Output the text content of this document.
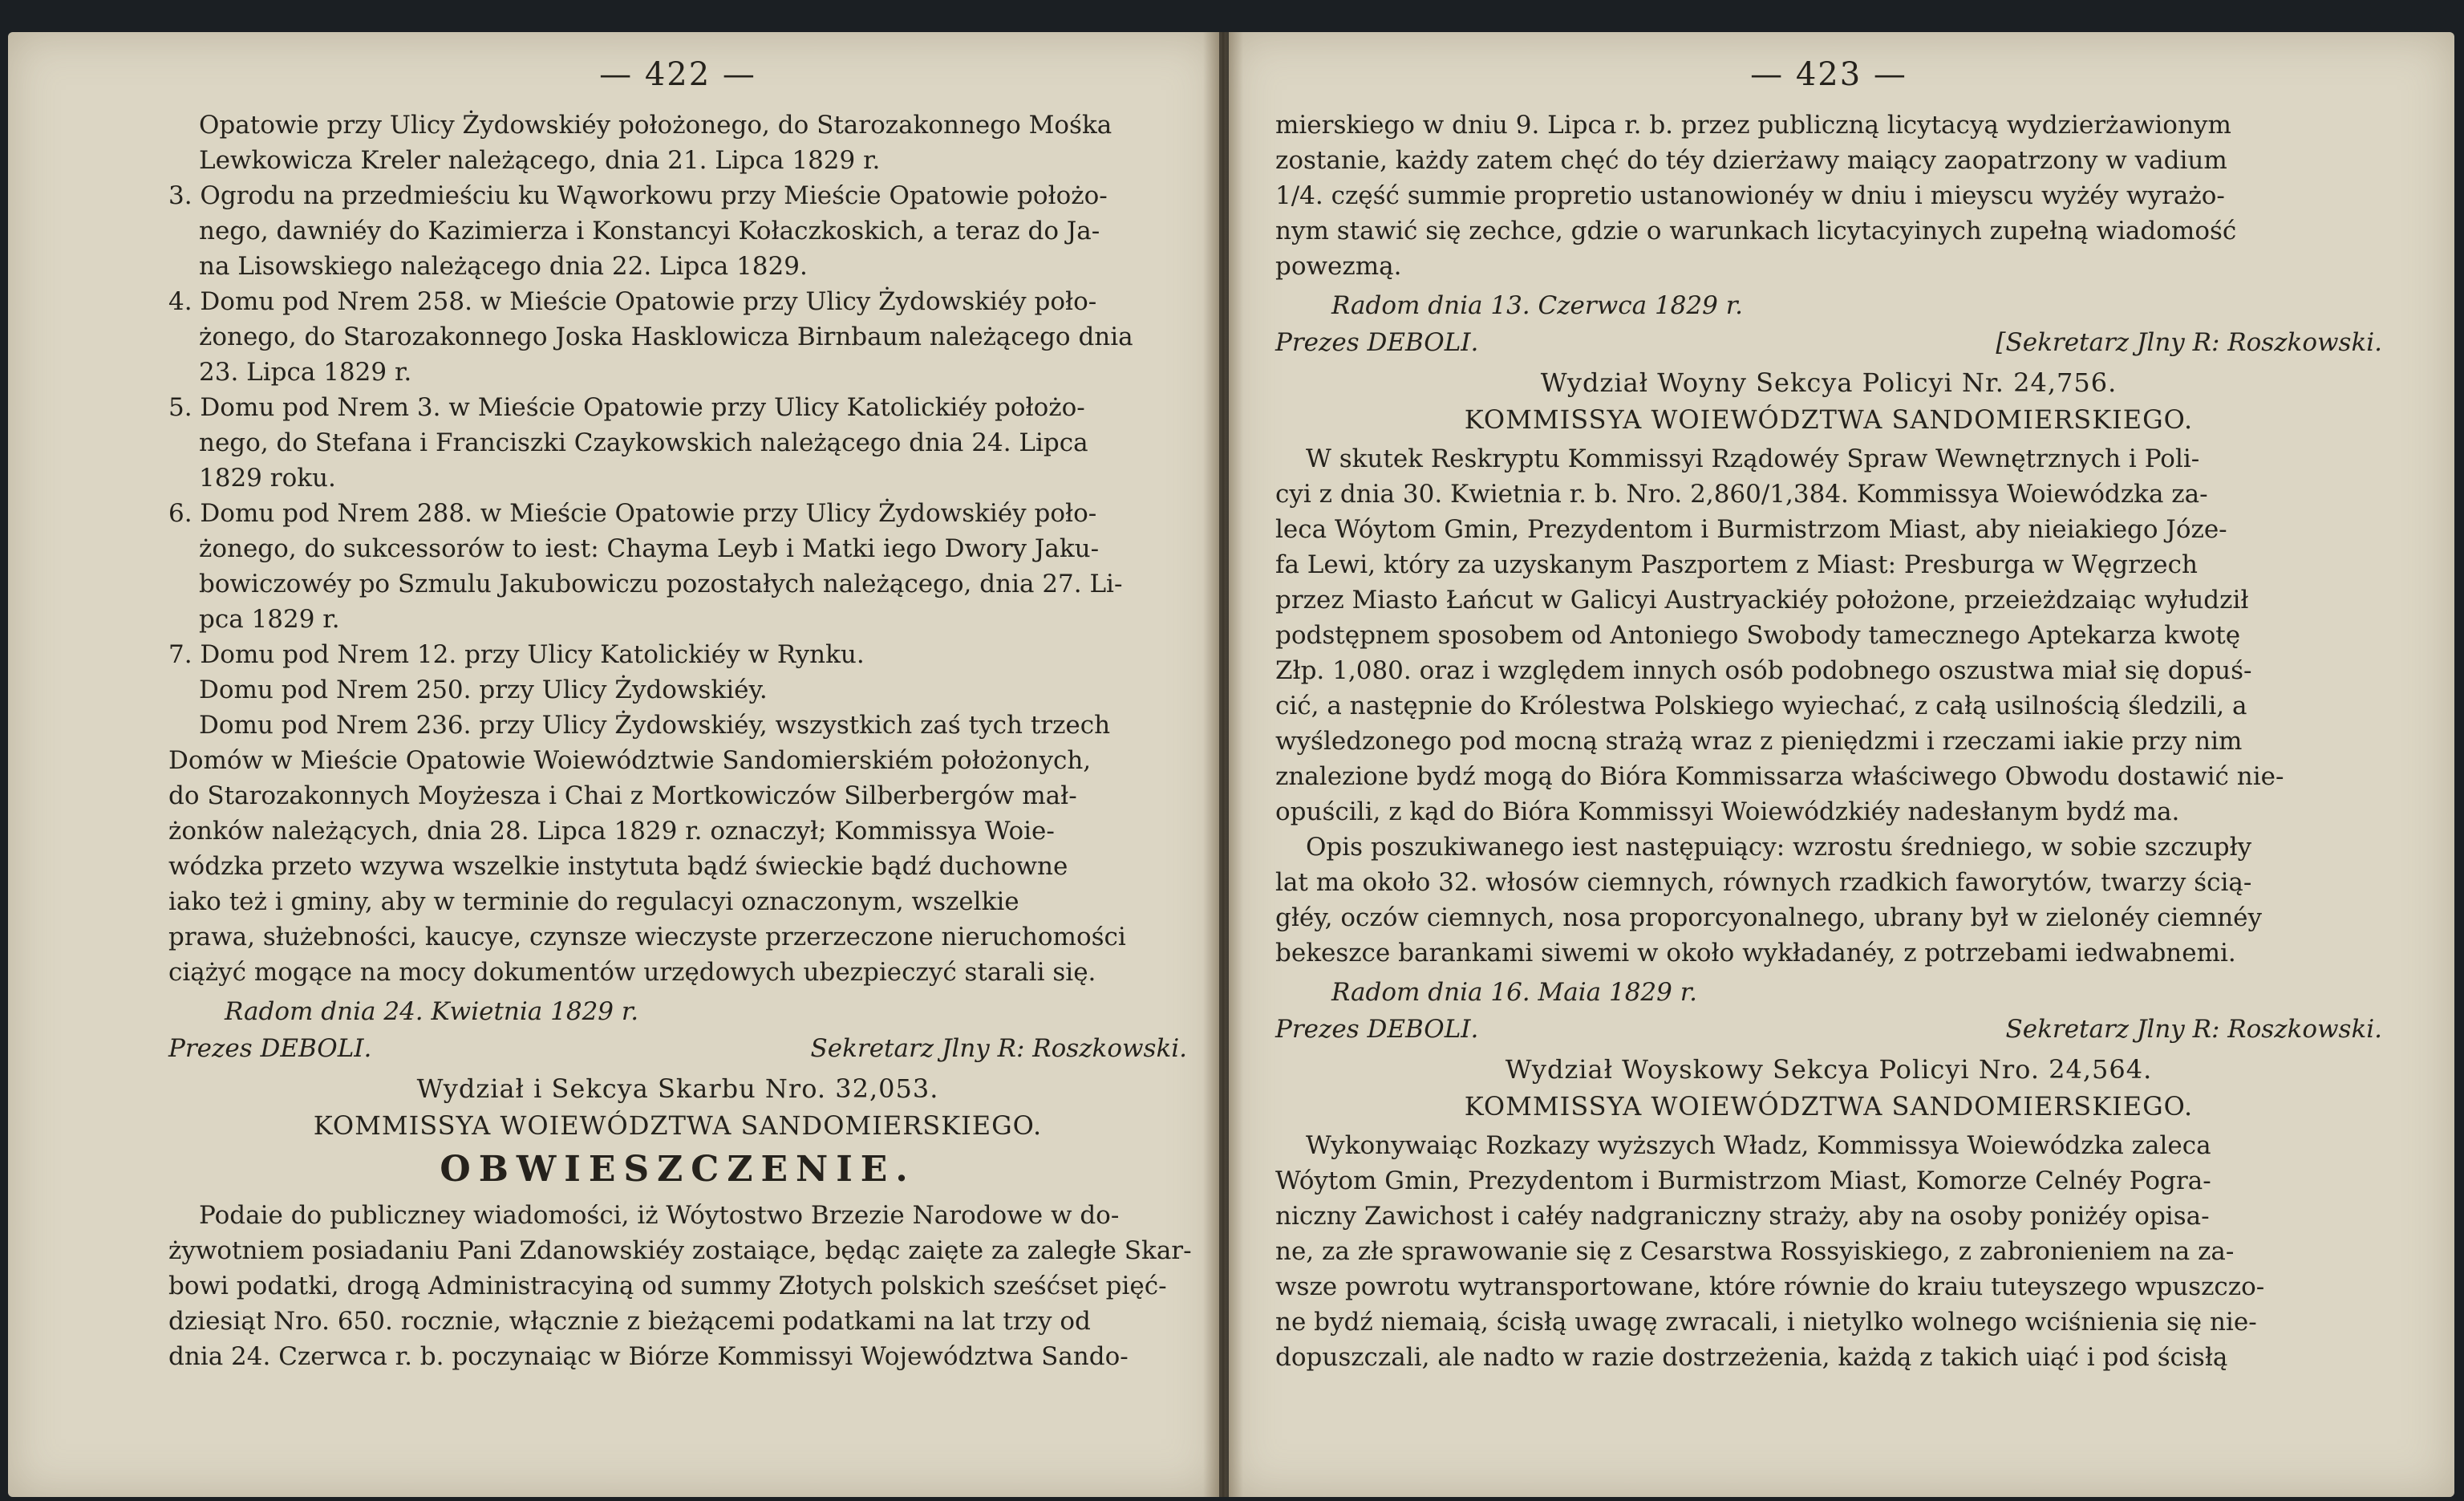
— 422 —

Opatowie przy Ulicy Żydowskiéy położonego, do Starozakonnego Mośka

Lewkowicza Kreler należącego, dnia 21. Lipca 1829 r.

3. Ogrodu na przedmieściu ku Wąworkowu przy Mieście Opatowie położo-

nego, dawniéy do Kazimierza i Konstancyi Kołaczkoskich, a teraz do Ja-

na Lisowskiego należącego dnia 22. Lipca 1829.

4. Domu pod Nrem 258. w Mieście Opatowie przy Ulicy Żydowskiéy poło-

żonego, do Starozakonnego Joska Hasklowicza Birnbaum należącego dnia

23. Lipca 1829 r.

5. Domu pod Nrem 3. w Mieście Opatowie przy Ulicy Katolickiéy położo-

nego, do Stefana i Franciszki Czaykowskich należącego dnia 24. Lipca

1829 roku.

6. Domu pod Nrem 288. w Mieście Opatowie przy Ulicy Żydowskiéy poło-

żonego, do sukcessorów to iest: Chayma Leyb i Matki iego Dwory Jaku-

bowiczowéy po Szmulu Jakubowiczu pozostałych należącego, dnia 27. Li-

pca 1829 r.

7. Domu pod Nrem 12. przy Ulicy Katolickiéy w Rynku.

Domu pod Nrem 250. przy Ulicy Żydowskiéy.

Domu pod Nrem 236. przy Ulicy Żydowskiéy, wszystkich zaś tych trzech

Domów w Mieście Opatowie Woiewództwie Sandomierskiém położonych,

do Starozakonnych Moyżesza i Chai z Mortkowiczów Silberbergów mał-

żonków należących, dnia 28. Lipca 1829 r. oznaczył; Kommissya Woie-

wódzka przeto wzywa wszelkie instytuta bądź świeckie bądź duchowne

iako też i gminy, aby w terminie do regulacyi oznaczonym, wszelkie

prawa, służebności, kaucye, czynsze wieczyste przerzeczone nieruchomości

ciążyć mogące na mocy dokumentów urzędowych ubezpieczyć starali się.

Radom dnia 24. Kwietnia 1829 r.

Prezes DEBOLI.	Sekretarz Jlny R: Roszkowski.

Wydział i Sekcya Skarbu Nro. 32,053.

KOMMISSYA WOIEWÓDZTWA SANDOMIERSKIEGO.

OBWIESZCZENIE.

Podaie do publiczney wiadomości, iż Wóytostwo Brzezie Narodowe w do-

żywotniem posiadaniu Pani Zdanowskiéy zostaiące, będąc zaięte za zaległe Skar-

bowi podatki, drogą Administracyiną od summy Złotych polskich sześćset pięć-

dziesiąt Nro. 650. rocznie, włącznie z bieżącemi podatkami na lat trzy od

dnia 24. Czerwca r. b. poczynaiąc w Biórze Kommissyi Województwa Sando-

— 423 —

mierskiego w dniu 9. Lipca r. b. przez publiczną licytacyą wydzierżawionym

zostanie, każdy zatem chęć do téy dzierżawy maiący zaopatrzony w vadium

1/4. część summie propretio ustanowionéy w dniu i mieyscu wyżéy wyrażo-

nym stawić się zechce, gdzie o warunkach licytacyinych zupełną wiadomość

powezmą.

Radom dnia 13. Czerwca 1829 r.

Prezes DEBOLI.	[Sekretarz Jlny R: Roszkowski.

Wydział Woyny Sekcya Policyi Nr. 24,756.

KOMMISSYA WOIEWÓDZTWA SANDOMIERSKIEGO.

W skutek Reskryptu Kommissyi Rządowéy Spraw Wewnętrznych i Poli-

cyi z dnia 30. Kwietnia r. b. Nro. 2,860/1,384. Kommissya Woiewódzka za-

leca Wóytom Gmin, Prezydentom i Burmistrzom Miast, aby nieiakiego Józe-

fa Lewi, który za uzyskanym Paszportem z Miast: Presburga w Węgrzech

przez Miasto Łańcut w Galicyi Austryackiéy położone, przeieżdzaiąc wyłudził

podstępnem sposobem od Antoniego Swobody tamecznego Aptekarza kwotę

Złp. 1,080. oraz i względem innych osób podobnego oszustwa miał się dopuś-

cić, a następnie do Królestwa Polskiego wyiechać, z całą usilnością śledzili, a

wyśledzonego pod mocną strażą wraz z pieniędzmi i rzeczami iakie przy nim

znalezione bydź mogą do Bióra Kommissarza właściwego Obwodu dostawić nie-

opuścili, z kąd do Bióra Kommissyi Woiewódzkiéy nadesłanym bydź ma.

Opis poszukiwanego iest następuiący: wzrostu średniego, w sobie szczupły

lat ma około 32. włosów ciemnych, równych rzadkich faworytów, twarzy ścią-

głéy, oczów ciemnych, nosa proporcyonalnego, ubrany był w zielonéy ciemnéy

bekeszce barankami siwemi w około wykładanéy, z potrzebami iedwabnemi.

Radom dnia 16. Maia 1829 r.

Prezes DEBOLI.	Sekretarz Jlny R: Roszkowski.

Wydział Woyskowy Sekcya Policyi Nro. 24,564.

KOMMISSYA WOIEWÓDZTWA SANDOMIERSKIEGO.

Wykonywaiąc Rozkazy wyższych Władz, Kommissya Woiewódzka zaleca

Wóytom Gmin, Prezydentom i Burmistrzom Miast, Komorze Celnéy Pogra-

niczny Zawichost i całéy nadgraniczny straży, aby na osoby poniżéy opisa-

ne, za złe sprawowanie się z Cesarstwa Rossyiskiego, z zabronieniem na za-

wsze powrotu wytransportowane, które równie do kraiu tuteyszego wpuszczo-

ne bydź niemaią, ścisłą uwagę zwracali, i nietylko wolnego wciśnienia się nie-

dopuszczali, ale nadto w razie dostrzeżenia, każdą z takich uiąć i pod ścisłą
